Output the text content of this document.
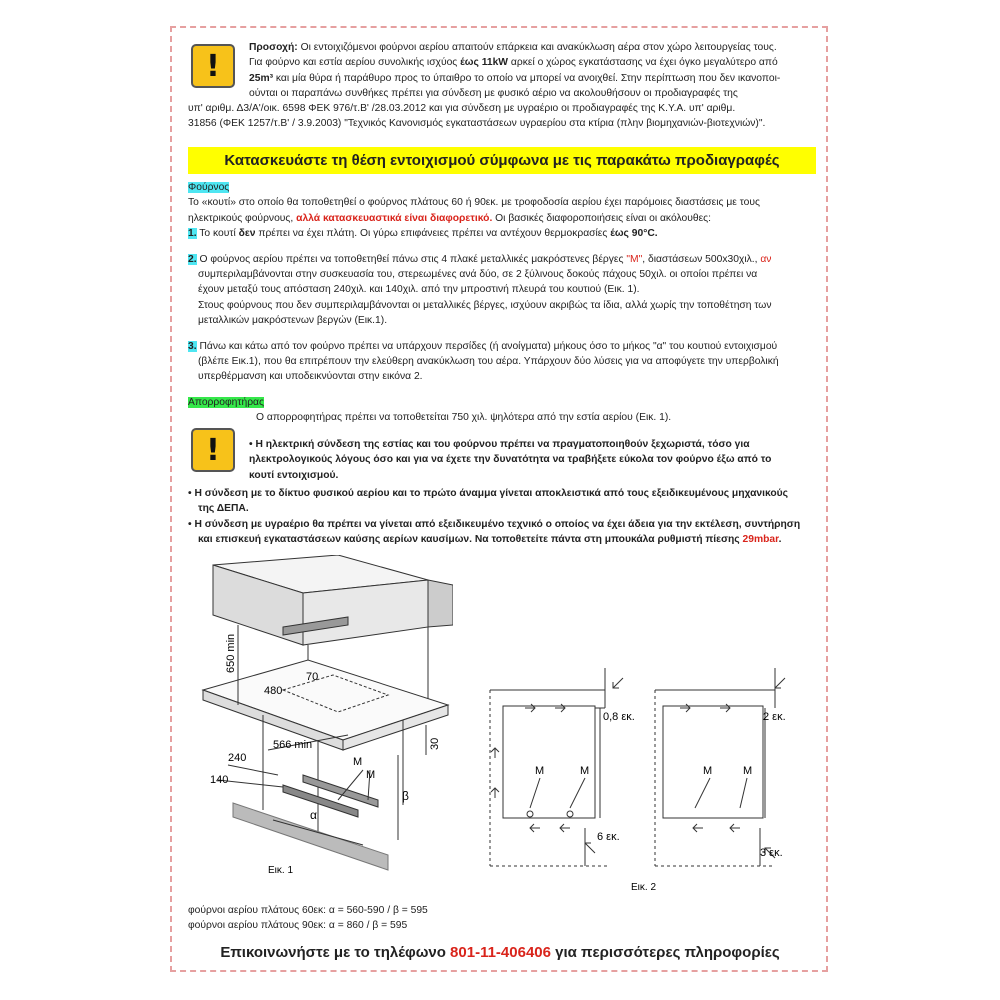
!
Προσοχή: Οι εντοιχιζόμενοι φούρνοι αερίου απαιτούν επάρκεια και ανακύκλωση αέρα στον χώρο λειτουργείας τους.
Για φούρνο και εστία αερίου συνολικής ισχύος έως 11kW αρκεί ο χώρος εγκατάστασης να έχει όγκο μεγαλύτερο από
25m³ και μία θύρα ή παράθυρο προς το ύπαιθρο το οποίο να μπορεί να ανοιχθεί. Στην περίπτωση που δεν ικανοποι-
ούνται οι παραπάνω συνθήκες πρέπει για σύνδεση με φυσικό αέριο να ακολουθήσουν οι προδιαγραφές της
υπ' αριθμ. Δ3/Α'/οικ. 6598 ΦΕΚ 976/τ.Β' /28.03.2012 και για σύνδεση με υγραέριο οι προδιαγραφές της Κ.Υ.Α. υπ' αριθμ.
31856 (ΦΕΚ 1257/τ.Β' / 3.9.2003) "Τεχνικός Κανονισμός εγκαταστάσεων υγραερίου στα κτίρια (πλην βιομηχανιών-βιοτεχνιών)".
Κατασκευάστε τη θέση εντοιχισμού σύμφωνα με τις παρακάτω προδιαγραφές
Φούρνος
Το «κουτί» στο οποίο θα τοποθετηθεί ο φούρνος πλάτους 60 ή 90εκ. με τροφοδοσία αερίου έχει παρόμοιες διαστάσεις με τους
ηλεκτρικούς φούρνους, αλλά κατασκευαστικά είναι διαφορετικό. Οι βασικές διαφοροποιήσεις είναι οι ακόλουθες:
1. Το κουτί δεν πρέπει να έχει πλάτη. Οι γύρω επιφάνειες πρέπει να αντέχουν θερμοκρασίες έως 90°C.
2. Ο φούρνος αερίου πρέπει να τοποθετηθεί πάνω στις 4 πλακέ μεταλλικές μακρόστενες βέργες "Μ", διαστάσεων 500x30χιλ., αν
συμπεριλαμβάνονται στην συσκευασία του, στερεωμένες ανά δύο, σε 2 ξύλινους δοκούς πάχους 50χιλ. οι οποίοι πρέπει να
έχουν μεταξύ τους απόσταση 240χιλ. και 140χιλ. από την μπροστινή πλευρά του κουτιού (Εικ. 1).
Στους φούρνους που δεν συμπεριλαμβάνονται οι μεταλλικές βέργες, ισχύουν ακριβώς τα ίδια, αλλά χωρίς την τοποθέτηση των
μεταλλικών μακρόστενων βεργών (Εικ.1).
3. Πάνω και κάτω από τον φούρνο πρέπει να υπάρχουν περσίδες (ή ανοίγματα) μήκους όσο το μήκος "α" του κουτιού εντοιχισμού
(βλέπε Εικ.1), που θα επιτρέπουν την ελεύθερη ανακύκλωση του αέρα. Υπάρχουν δύο λύσεις για να αποφύγετε την υπερβολική
υπερθέρμανση και υποδεικνύονται στην εικόνα 2.
Απορροφητήρας
Ο απορροφητήρας πρέπει να τοποθετείται 750 χιλ. ψηλότερα από την εστία αερίου (Εικ. 1).
!	• Η ηλεκτρική σύνδεση της εστίας και του φούρνου πρέπει να πραγματοποιηθούν ξεχωριστά, τόσο για
ηλεκτρολογικούς λόγους όσο και για να έχετε την δυνατότητα να τραβήξετε εύκολα τον φούρνο έξω από το
κουτί εντοιχισμού.
• Η σύνδεση με το δίκτυο φυσικού αερίου και το πρώτο άναμμα γίνεται αποκλειστικά από τους εξειδικευμένους μηχανικούς
της ΔΕΠΑ.
• Η σύνδεση με υγραέριο θα πρέπει να γίνεται από εξειδικευμένο τεχνικό ο οποίος να έχει άδεια για την εκτέλεση, συντήρηση
και επισκευή εγκαταστάσεων καύσης αερίων καυσίμων. Να τοποθετείτε πάντα στη μπουκάλα ρυθμιστή πίεσης 29mbar.
650 min
70
480
566 min
240
140
30
M
M
α
β
Εικ. 1
0,8 εκ.
6 εκ.
2 εκ.
3 εκ.
M	M	M	M
Εικ. 2
φούρνοι αερίου πλάτους 60εκ: α = 560-590 / β = 595
φούρνοι αερίου πλάτους 90εκ: α = 860 / β = 595
Επικοινωνήστε με το τηλέφωνο 801-11-406406 για περισσότερες πληροφορίες
